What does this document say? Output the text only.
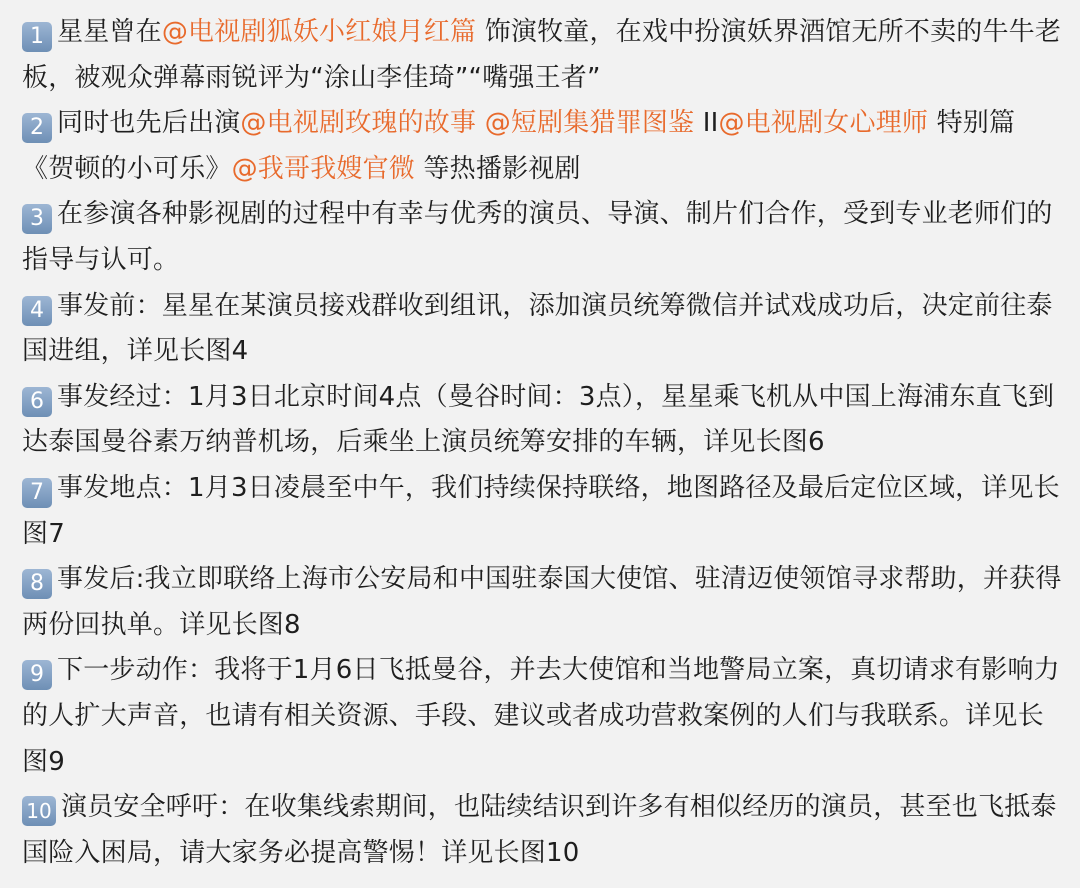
1 星星曾在@电视剧狐妖小红娘月红篇 饰演牧童，在戏中扮演妖界酒馆无所不卖的牛牛老板，被观众弹幕雨锐评为“涂山李佳琦”“嘴强王者”

2 同时也先后出演@电视剧玫瑰的故事 @短剧集猎罪图鉴 II@电视剧女心理师 特别篇《贺顿的小可乐》@我哥我嫂官微 等热播影视剧

3 在参演各种影视剧的过程中有幸与优秀的演员、导演、制片们合作，受到专业老师们的指导与认可。

4 事发前：星星在某演员接戏群收到组讯，添加演员统筹微信并试戏成功后，决定前往泰国进组，详见长图4

6 事发经过：1月3日北京时间4点（曼谷时间：3点），星星乘飞机从中国上海浦东直飞到达泰国曼谷素万纳普机场，后乘坐上演员统筹安排的车辆，详见长图6

7 事发地点：1月3日凌晨至中午，我们持续保持联络，地图路径及最后定位区域，详见长图7

8 事发后:我立即联络上海市公安局和中国驻泰国大使馆、驻清迈使领馆寻求帮助，并获得两份回执单。详见长图8

9 下一步动作：我将于1月6日飞抵曼谷，并去大使馆和当地警局立案，真切请求有影响力的人扩大声音，也请有相关资源、手段、建议或者成功营救案例的人们与我联系。详见长图9

10 演员安全呼吁：在收集线索期间，也陆续结识到许多有相似经历的演员，甚至也飞抵泰国险入困局，请大家务必提高警惕！详见长图10
